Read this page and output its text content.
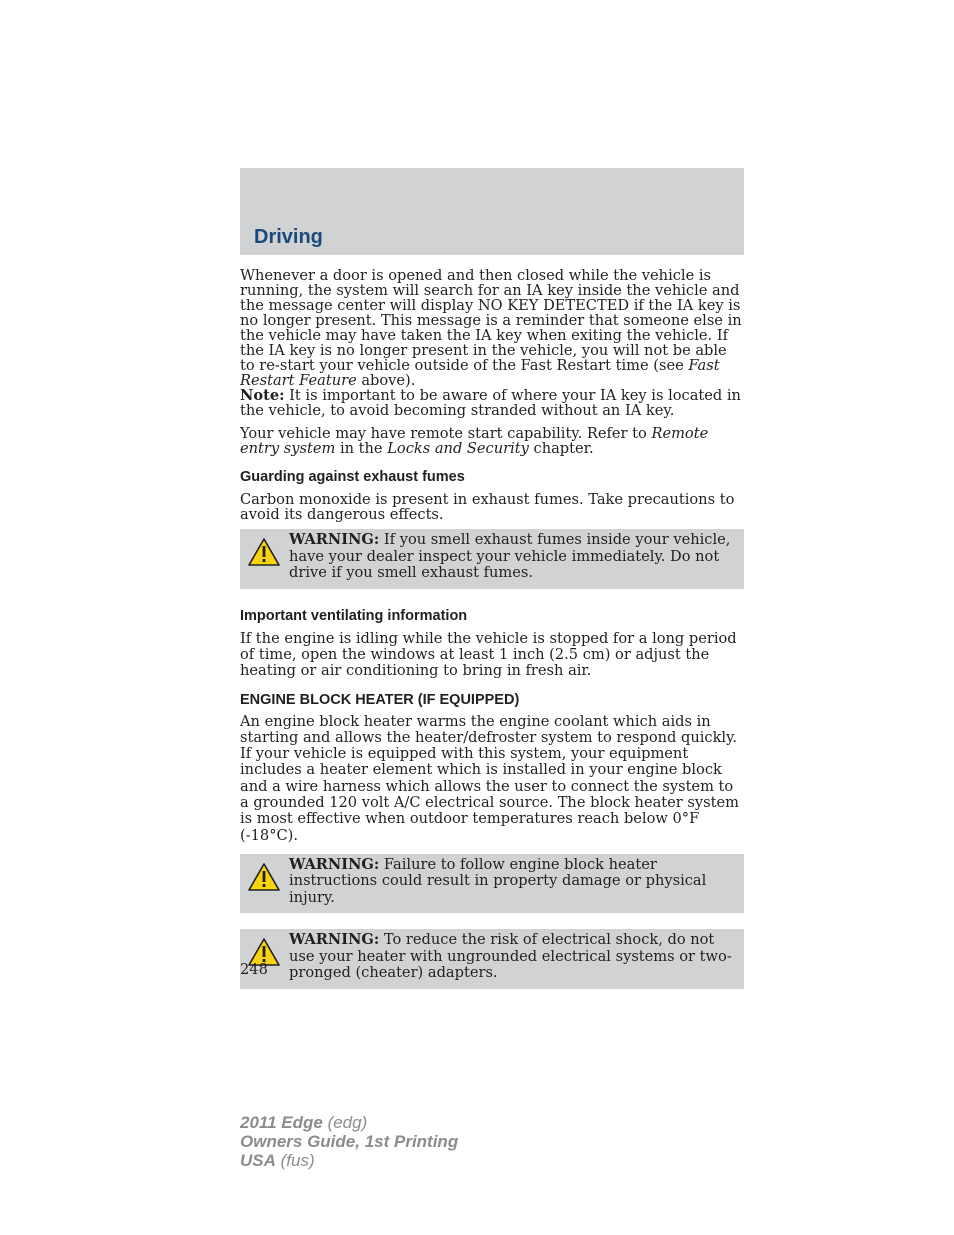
Driving

Whenever a door is opened and then closed while the vehicle is running, the system will search for an IA key inside the vehicle and the message center will display NO KEY DETECTED if the IA key is no longer present. This message is a reminder that someone else in the vehicle may have taken the IA key when exiting the vehicle. If the IA key is no longer present in the vehicle, you will not be able to re-start your vehicle outside of the Fast Restart time (see Fast Restart Feature above).
Note: It is important to be aware of where your IA key is located in the vehicle, to avoid becoming stranded without an IA key.

Your vehicle may have remote start capability. Refer to Remote entry system in the Locks and Security chapter.

Guarding against exhaust fumes

Carbon monoxide is present in exhaust fumes. Take precautions to avoid its dangerous effects.

WARNING: If you smell exhaust fumes inside your vehicle, have your dealer inspect your vehicle immediately. Do not drive if you smell exhaust fumes.
Important ventilating information

If the engine is idling while the vehicle is stopped for a long period of time, open the windows at least 1 inch (2.5 cm) or adjust the heating or air conditioning to bring in fresh air.

ENGINE BLOCK HEATER (IF EQUIPPED)

An engine block heater warms the engine coolant which aids in starting and allows the heater/defroster system to respond quickly. If your vehicle is equipped with this system, your equipment includes a heater element which is installed in your engine block and a wire harness which allows the user to connect the system to a grounded 120 volt A/C electrical source. The block heater system is most effective when outdoor temperatures reach below 0°F (-18°C).

WARNING: Failure to follow engine block heater instructions could result in property damage or physical injury.
WARNING: To reduce the risk of electrical shock, do not use your heater with ungrounded electrical systems or two-pronged (cheater) adapters.
248
2011 Edge (edg)
Owners Guide, 1st Printing
USA (fus)
